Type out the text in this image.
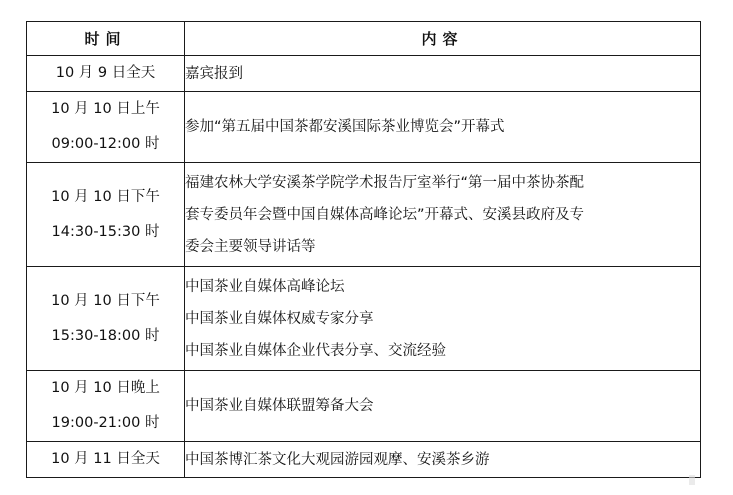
时间	内容

10 月 9 日全天	嘉宾报到

10 月 10 日上午
09:00-12:00 时	参加“第五届中国茶都安溪国际茶业博览会”开幕式

10 月 10 日下午
14:30-15:30 时	福建农林大学安溪茶学院学术报告厅室举行“第一届中茶协茶配
套专委员年会暨中国自媒体高峰论坛”开幕式、安溪县政府及专
委会主要领导讲话等

10 月 10 日下午
15:30-18:00 时	中国茶业自媒体高峰论坛
中国茶业自媒体权威专家分享
中国茶业自媒体企业代表分享、交流经验

10 月 10 日晚上
19:00-21:00 时	中国茶业自媒体联盟筹备大会

10 月 11 日全天	中国茶博汇茶文化大观园游园观摩、安溪茶乡游
